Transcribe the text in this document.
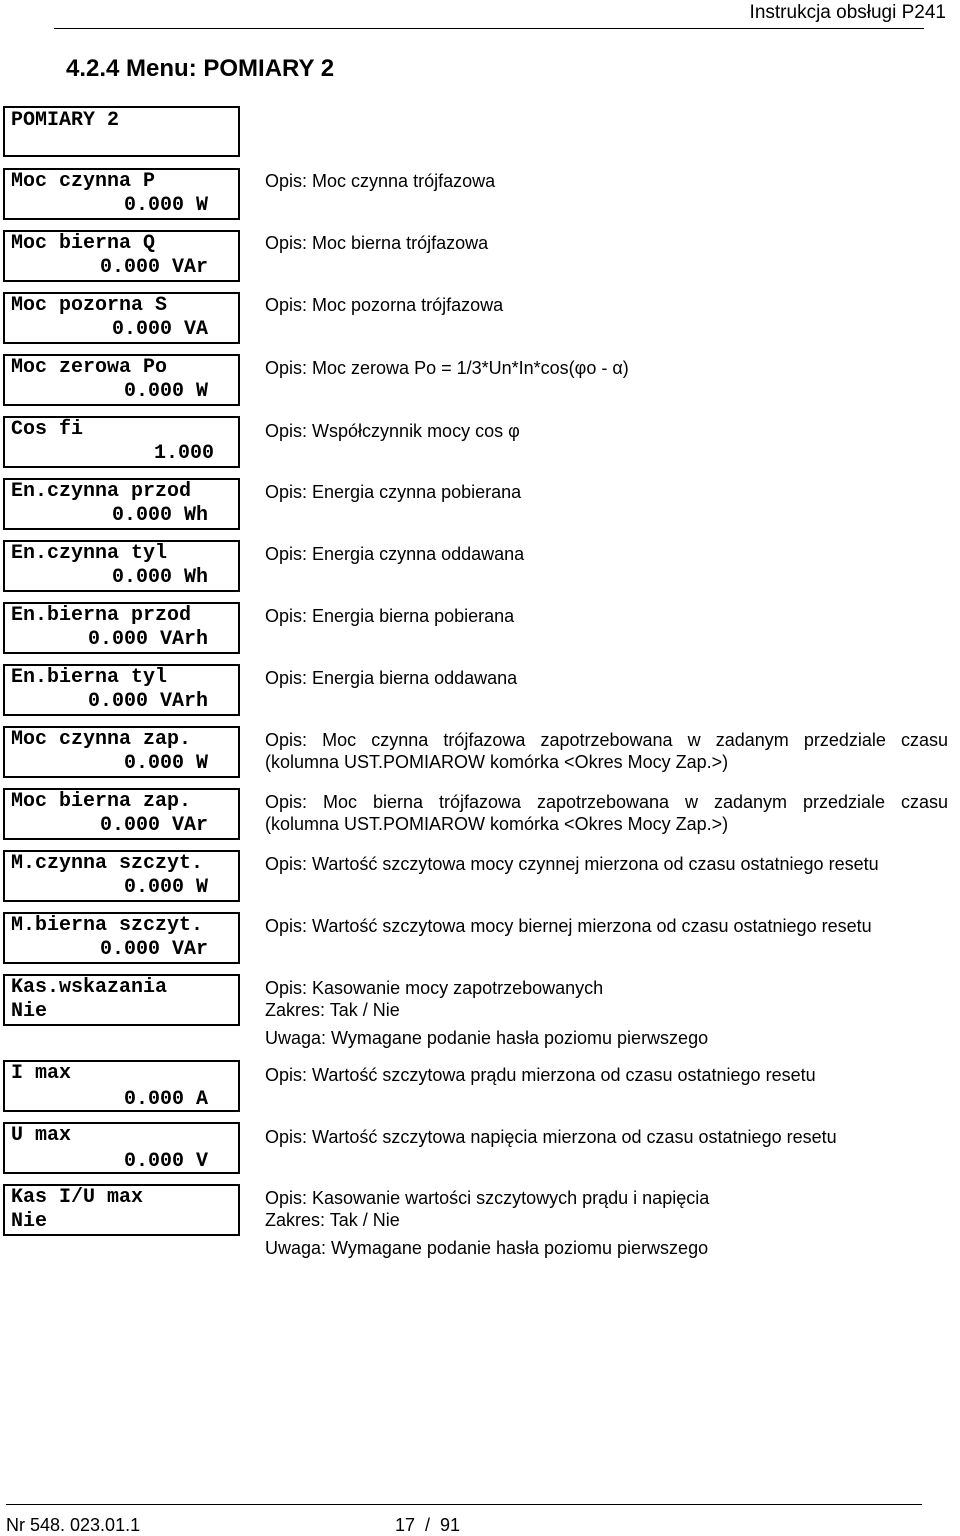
Instrukcja obsługi P241
4.2.4 Menu: POMIARY 2
POMIARY 2
Moc czynna P
0.000 W
Moc bierna Q
0.000 VAr
Moc pozorna S
0.000 VA
Moc zerowa Po
0.000 W
Cos fi
1.000
En.czynna przod
0.000 Wh
En.czynna tyl
0.000 Wh
En.bierna przod
0.000 VArh
En.bierna tyl
0.000 VArh
Moc czynna zap.
0.000 W
Moc bierna zap.
0.000 VAr
M.czynna szczyt.
0.000 W
M.bierna szczyt.
0.000 VAr
Kas.wskazania
Nie
I max
0.000 A
U max
0.000 V
Kas I/U max
Nie
Opis: Moc czynna trójfazowa
Opis: Moc bierna trójfazowa
Opis: Moc pozorna trójfazowa
Opis: Moc zerowa Po = 1/3*Un*In*cos(φo - α)
Opis: Współczynnik mocy cos φ
Opis: Energia czynna pobierana
Opis: Energia czynna oddawana
Opis: Energia bierna pobierana
Opis: Energia bierna oddawana
Opis: Moc czynna trójfazowa zapotrzebowana w zadanym przedziale czasu
(kolumna UST.POMIAROW komórka <Okres Mocy Zap.>)
Opis: Moc bierna trójfazowa zapotrzebowana w zadanym przedziale czasu
(kolumna UST.POMIAROW komórka <Okres Mocy Zap.>)
Opis: Wartość szczytowa mocy czynnej mierzona od czasu ostatniego resetu
Opis: Wartość szczytowa mocy biernej mierzona od czasu ostatniego resetu
Opis: Kasowanie mocy zapotrzebowanych
Zakres: Tak / Nie
Uwaga: Wymagane podanie hasła poziomu pierwszego
Opis: Wartość szczytowa prądu mierzona od czasu ostatniego resetu
Opis: Wartość szczytowa napięcia mierzona od czasu ostatniego resetu
Opis: Kasowanie wartości szczytowych prądu i napięcia
Zakres: Tak / Nie
Uwaga: Wymagane podanie hasła poziomu pierwszego
Nr 548. 023.01.1	17  /  91
